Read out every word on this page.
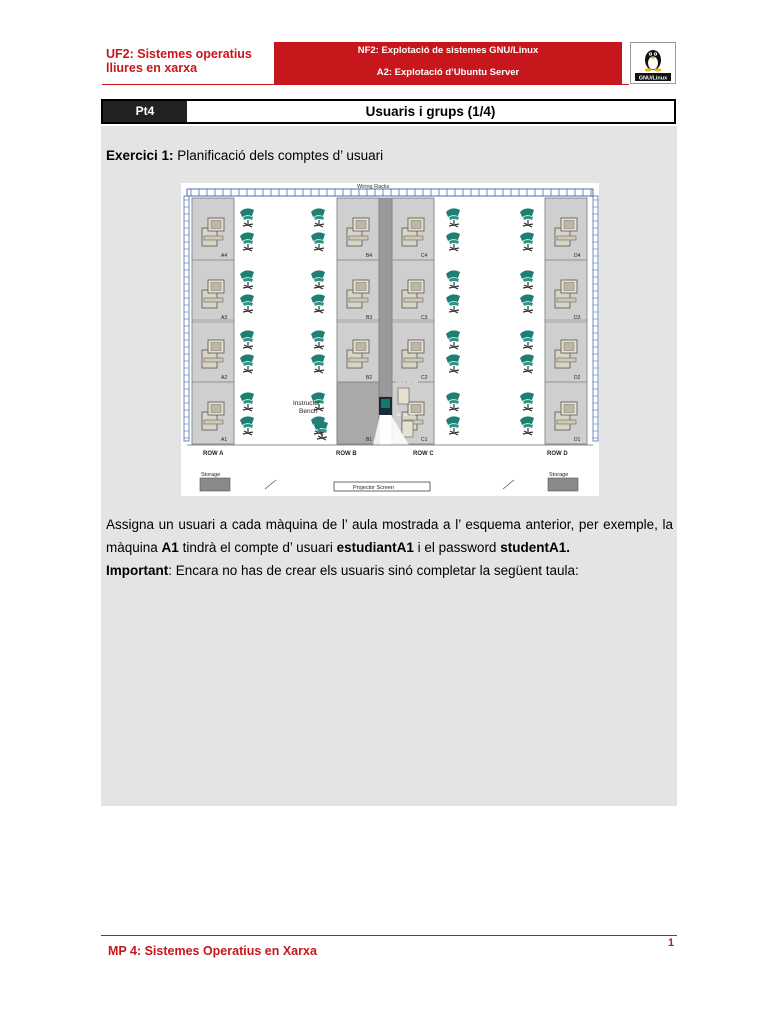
UF2: Sistemes operatius
lliures en xarxa
NF2: Explotació de sistemes GNU/Linux
A2: Explotació d’Ubuntu Server
GNU/Linux
Pt4	Usuaris i grups (1/4)
Exercici 1: Planificació dels comptes d’ usuari
Wiring Racks
A4
A3
A2
A1
B4
B3
B2
B1
C4
C3
C2
C1
D4
D3
D2
D1
Instructor
Bench
Linux Server
NT Server
ROW A	ROW B	ROW C	ROW D
Storage	Storage
Projector Screen
Assigna un usuari a cada màquina de l’ aula mostrada a l’ esquema anterior, per exemple, la màquina A1 tindrà el compte d’ usuari estudiantA1 i el password studentA1.
Important: Encara no has de crear els usuaris sinó completar la següent taula:
MP 4: Sistemes Operatius en Xarxa
1
